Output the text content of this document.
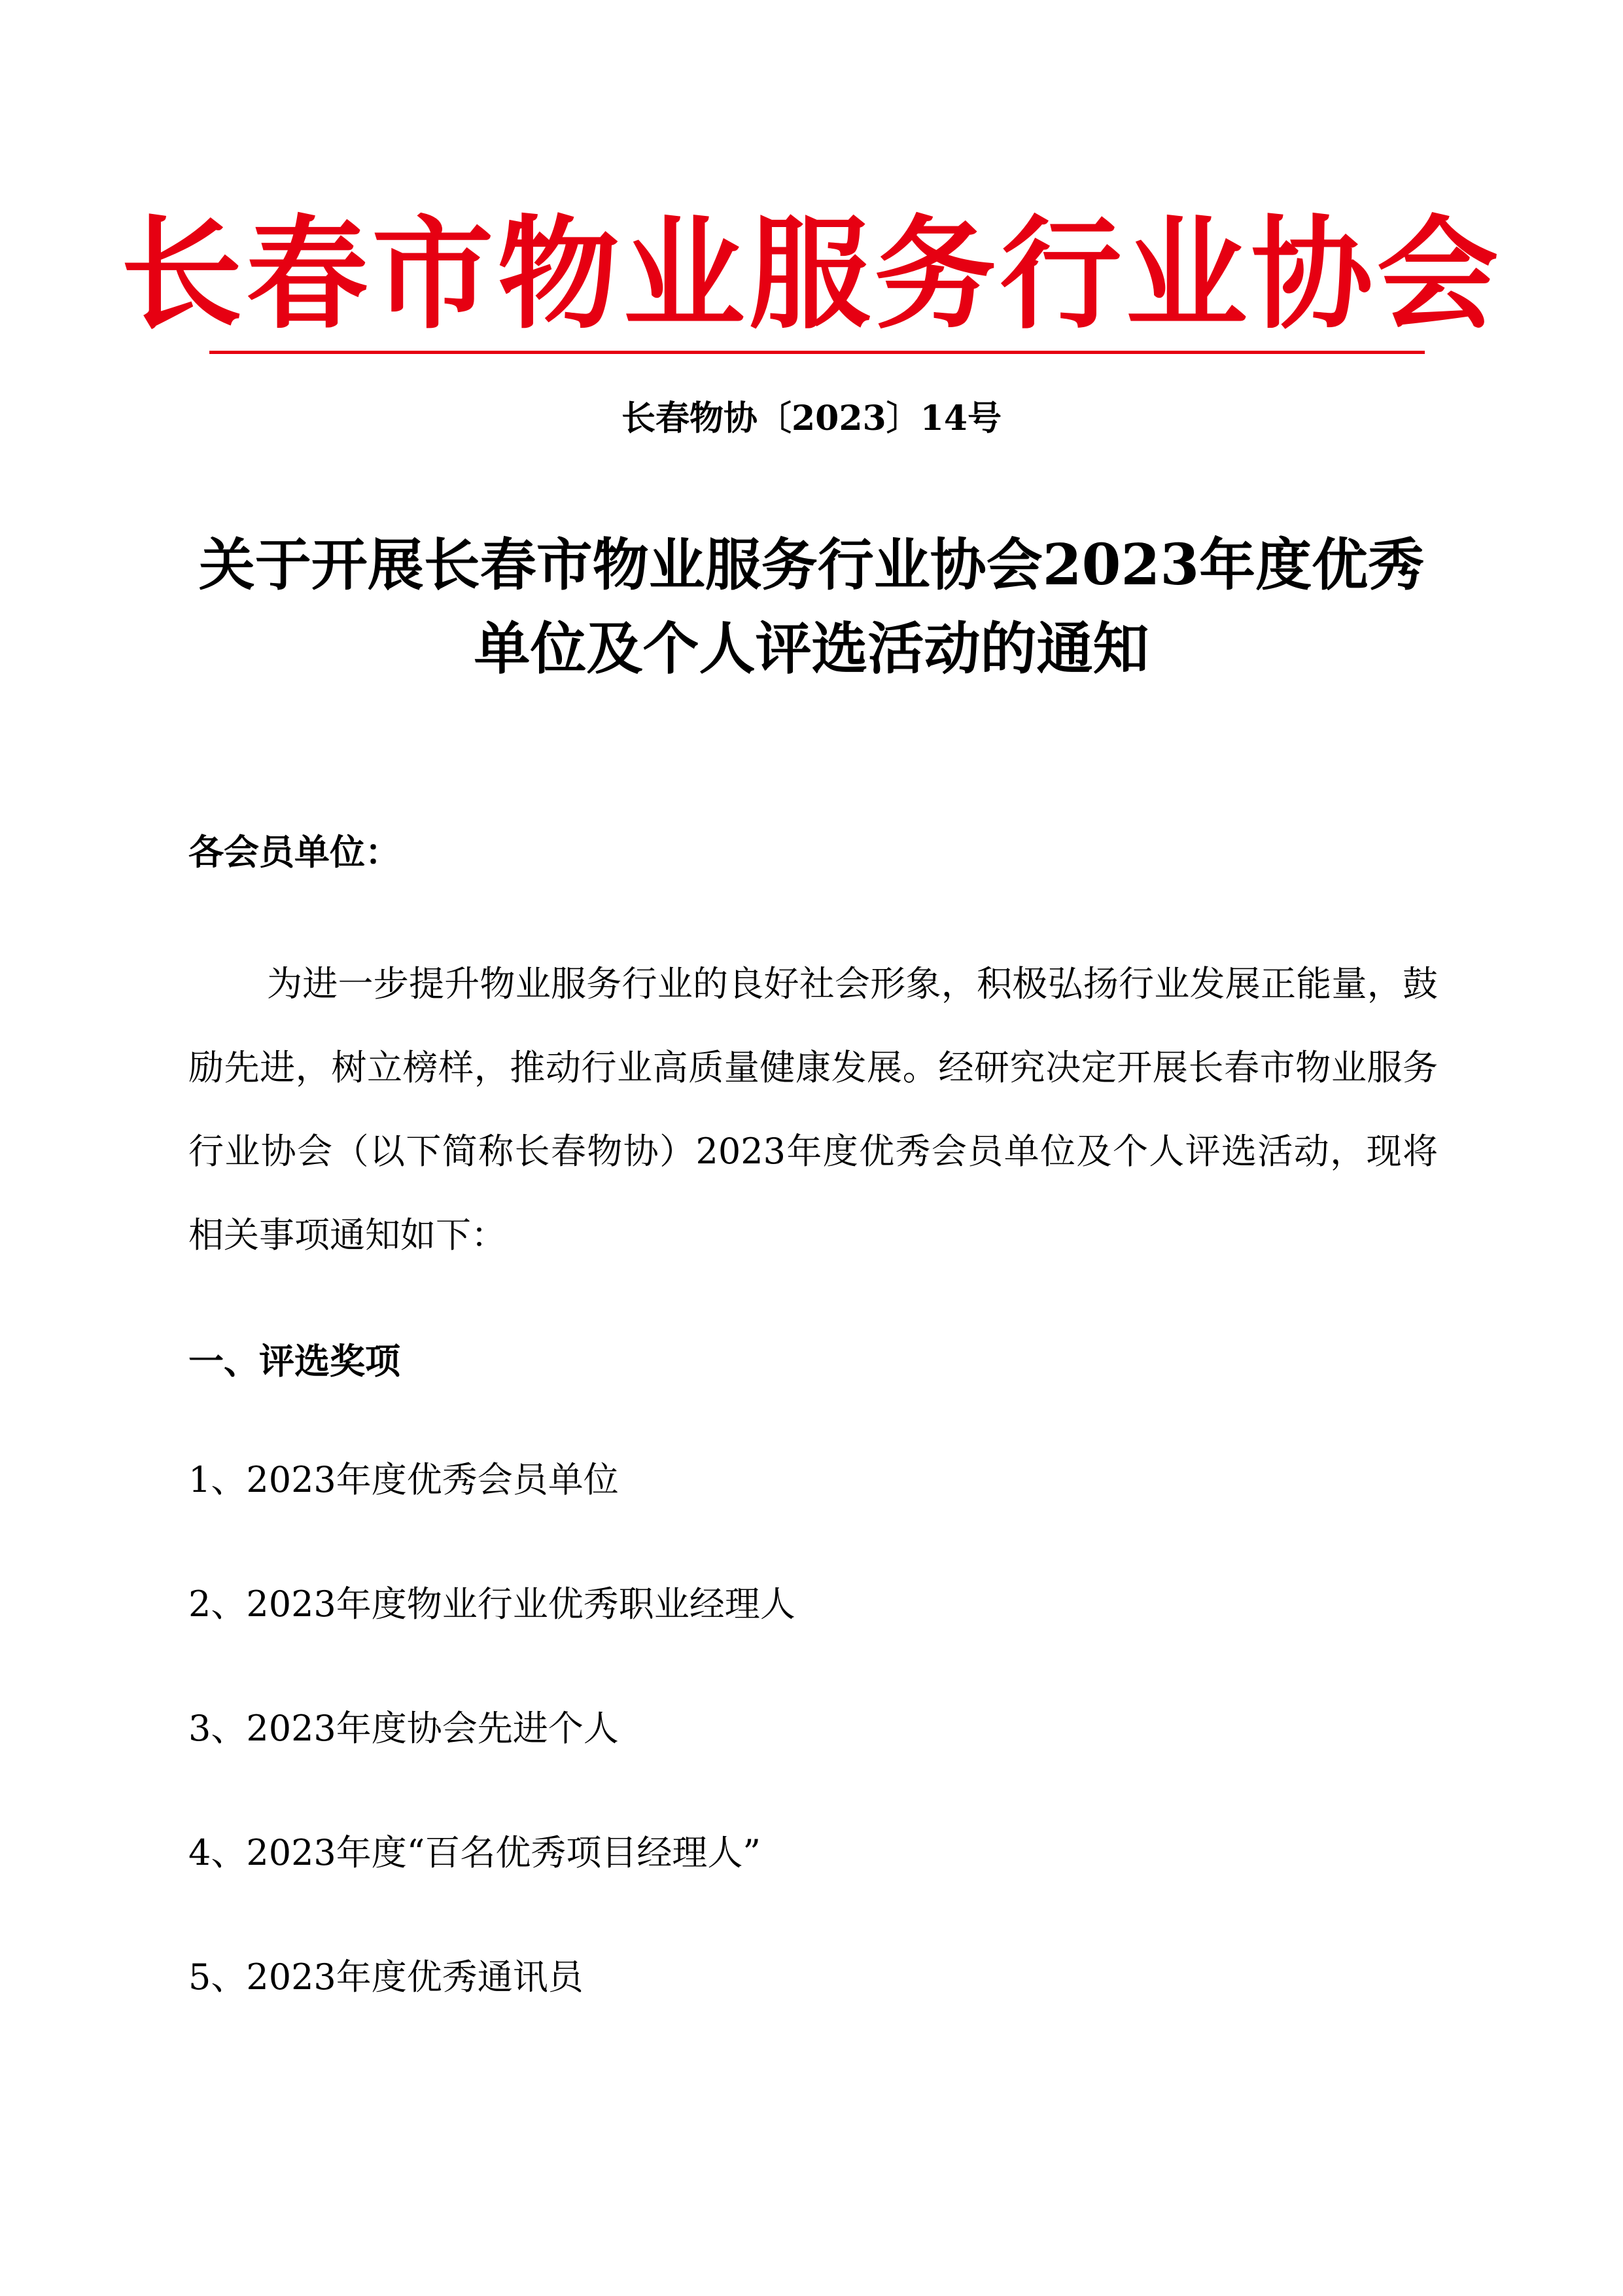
长春市物业服务行业协会
长春物协〔2023〕14号
关于开展长春市物业服务行业协会2023年度优秀单位及个人评选活动的通知
各会员单位：

为进一步提升物业服务行业的良好社会形象，积极弘扬行业发展正能量，鼓励先进，树立榜样，推动行业高质量健康发展。经研究决定开展长春市物业服务行业协会（以下简称长春物协）2023年度优秀会员单位及个人评选活动，现将相关事项通知如下：

一、评选奖项
1、2023年度优秀会员单位
2、2023年度物业行业优秀职业经理人
3、2023年度协会先进个人
4、2023年度“百名优秀项目经理人”
5、2023年度优秀通讯员
